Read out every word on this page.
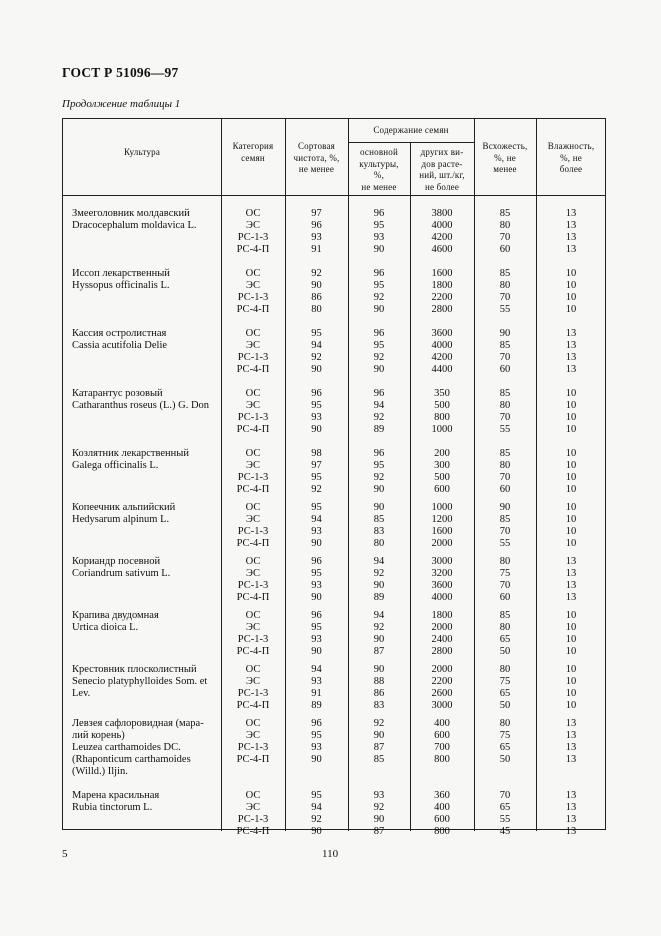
ГОСТ Р 51096—97
Продолжение таблицы 1
Культура
Категория
семян
Сортовая
чистота, %,
не менее
Содержание семян
основной
культуры,
%,
не менее
других ви-
дов расте-
ний, шт./кг,
не более
Всхожесть,
%, не
менее
Влажность,
%, не
более
Змееголовник молдавский
Dracocephalum moldavica L.
ОС
ЭС
РС-1-3
РС-4-П
97
96
93
91
96
95
93
90
3800
4000
4200
4600
85
80
70
60
13
13
13
13
Иссоп лекарственный
Hyssopus officinalis L.
ОС
ЭС
РС-1-3
РС-4-П
92
90
86
80
96
95
92
90
1600
1800
2200
2800
85
80
70
55
10
10
10
10
Кассия остролистная
Cassia acutifolia Delie
ОС
ЭС
РС-1-3
РС-4-П
95
94
92
90
96
95
92
90
3600
4000
4200
4400
90
85
70
60
13
13
13
13
Катарантус розовый
Catharanthus roseus (L.) G. Don
ОС
ЭС
РС-1-3
РС-4-П
96
95
93
90
96
94
92
89
350
500
800
1000
85
80
70
55
10
10
10
10
Козлятник лекарственный
Galega officinalis L.
ОС
ЭС
РС-1-3
РС-4-П
98
97
95
92
96
95
92
90
200
300
500
600
85
80
70
60
10
10
10
10
Копеечник альпийский
Hedysarum alpinum L.
ОС
ЭС
РС-1-3
РС-4-П
95
94
93
90
90
85
83
80
1000
1200
1600
2000
90
85
70
55
10
10
10
10
Кориандр посевной
Coriandrum sativum L.
ОС
ЭС
РС-1-3
РС-4-П
96
95
93
90
94
92
90
89
3000
3200
3600
4000
80
75
70
60
13
13
13
13
Крапива двудомная
Urtica dioica L.
ОС
ЭС
РС-1-3
РС-4-П
96
95
93
90
94
92
90
87
1800
2000
2400
2800
85
80
65
50
10
10
10
10
Крестовник плосколистный
Senecio platyphylloides Som. et
Lev.
ОС
ЭС
РС-1-3
РС-4-П
94
93
91
89
90
88
86
83
2000
2200
2600
3000
80
75
65
50
10
10
10
10
Левзея сафлоровидная (мара-
лий корень)
Leuzea carthamoides DC.
(Rhaponticum carthamoides
(Willd.) Iljin.
ОС
ЭС
РС-1-3
РС-4-П
96
95
93
90
92
90
87
85
400
600
700
800
80
75
65
50
13
13
13
13
Марена красильная
Rubia tinctorum L.
ОС
ЭС
РС-1-3
РС-4-П
95
94
92
90
93
92
90
87
360
400
600
800
70
65
55
45
13
13
13
13
5	110
